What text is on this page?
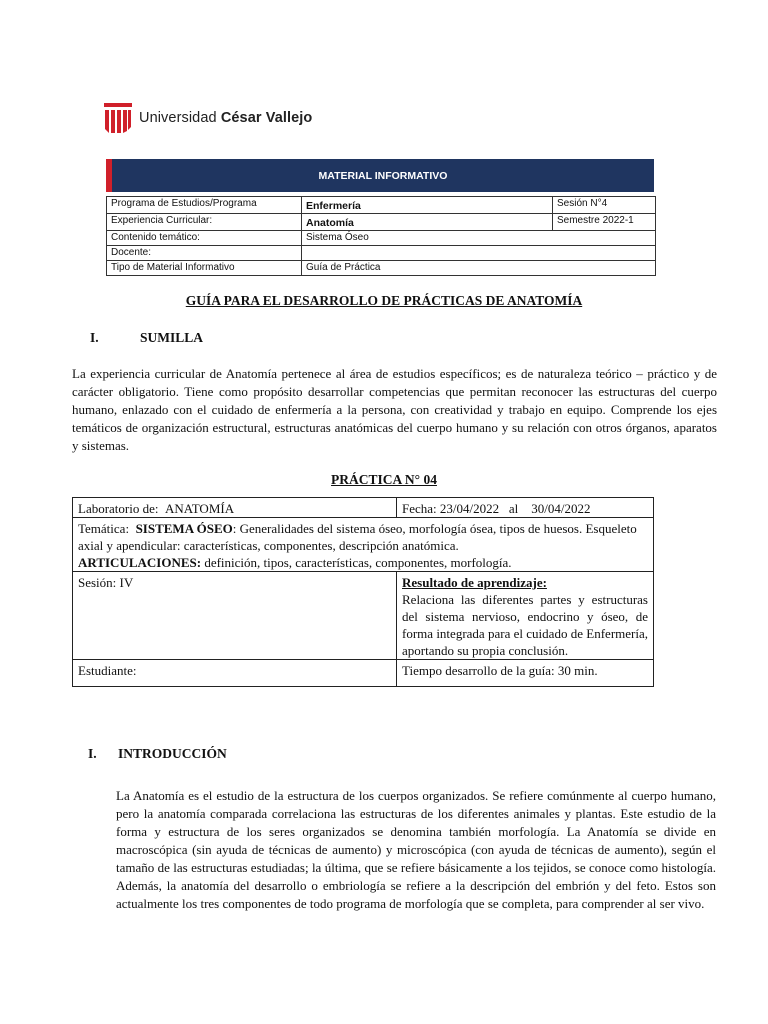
Universidad César Vallejo
MATERIAL INFORMATIVO
Programa de Estudios/Programa	Enfermería	Sesión N°4
Experiencia Curricular:	Anatomía	Semestre 2022-1
Contenido temático:	Sistema Óseo	
Docente:		
Tipo de Material Informativo	Guía de Práctica	
GUÍA PARA EL DESARROLLO DE PRÁCTICAS DE ANATOMÍA
I.	SUMILLA
La experiencia curricular de Anatomía pertenece al área de estudios específicos; es de naturaleza teórico – práctico y de carácter obligatorio. Tiene como propósito desarrollar competencias que permitan reconocer las estructuras del cuerpo humano, enlazado con el cuidado de enfermería a la persona, con creatividad y trabajo en equipo. Comprende los ejes temáticos de organización estructural, estructuras anatómicas del cuerpo humano y su relación con otros órganos, aparatos y sistemas.
PRÁCTICA N° 04
Laboratorio de: ANATOMÍA	Fecha: 23/04/2022 al 30/04/2022
Temática: SISTEMA ÓSEO: Generalidades del sistema óseo, morfología ósea, tipos de huesos. Esqueleto axial y apendicular: características, componentes, descripción anatómica.
ARTICULACIONES: definición, tipos, características, componentes, morfología.	
Sesión: IV	Resultado de aprendizaje:
Relaciona las diferentes partes y estructuras del sistema nervioso, endocrino y óseo, de forma integrada para el cuidado de Enfermería, aportando su propia conclusión.

Estudiante:	Tiempo desarrollo de la guía: 30 min.
I. INTRODUCCIÓN
La Anatomía es el estudio de la estructura de los cuerpos organizados. Se refiere comúnmente al cuerpo humano, pero la anatomía comparada correlaciona las estructuras de los diferentes animales y plantas. Este estudio de la forma y estructura de los seres organizados se denomina también morfología. La Anatomía se divide en macroscópica (sin ayuda de técnicas de aumento) y microscópica (con ayuda de técnicas de aumento), según el tamaño de las estructuras estudiadas; la última, que se refiere básicamente a los tejidos, se conoce como histología. Además, la anatomía del desarrollo o embriología se refiere a la descripción del embrión y del feto. Estos son actualmente los tres componentes de todo programa de morfología que se completa, para comprender al ser vivo.
